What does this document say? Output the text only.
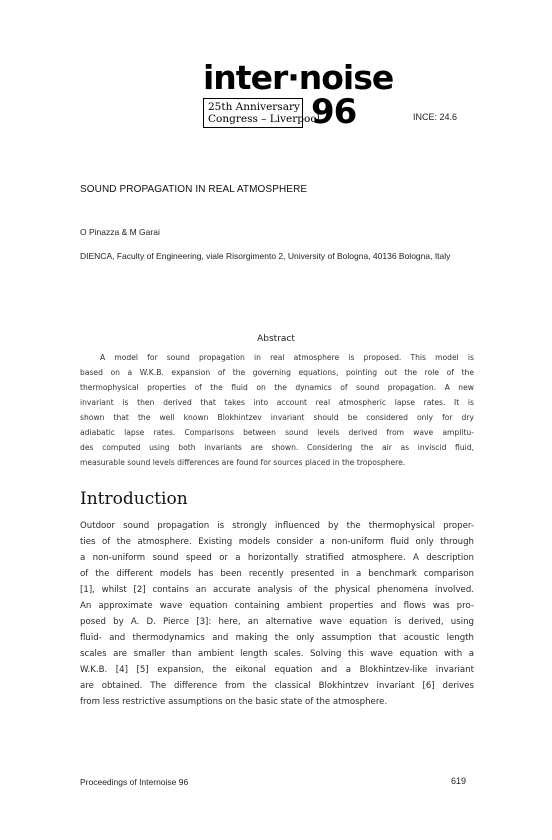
inter·noise
25th Anniversary
Congress – Liverpool
96	INCE: 24.6
SOUND PROPAGATION IN REAL ATMOSPHERE
O Pinazza & M Garai
DIENCA, Faculty of Engineering, viale Risorgimento 2, University of Bologna, 40136 Bologna, Italy
Abstract
A model for sound propagation in real atmosphere is proposed. This model is
based on a W.K.B. expansion of the governing equations, pointing out the role of the
thermophysical properties of the fluid on the dynamics of sound propagation. A new
invariant is then derived that takes into account real atmospheric lapse rates. It is
shown that the well known Blokhintzev invariant should be considered only for dry
adiabatic lapse rates. Comparisons between sound levels derived from wave amplitu-
des computed using both invariants are shown. Considering the air as inviscid fluid,
measurable sound levels differences are found for sources placed in the troposphere.
Introduction
Outdoor sound propagation is strongly influenced by the thermophysical proper-
ties of the atmosphere. Existing models consider a non-uniform fluid only through
a non-uniform sound speed or a horizontally stratified atmosphere. A description
of the different models has been recently presented in a benchmark comparison
[1], whilst [2] contains an accurate analysis of the physical phenomena involved.
An approximate wave equation containing ambient properties and flows was pro-
posed by A. D. Pierce [3]: here, an alternative wave equation is derived, using
fluid- and thermodynamics and making the only assumption that acoustic length
scales are smaller than ambient length scales. Solving this wave equation with a
W.K.B. [4] [5] expansion, the eikonal equation and a Blokhintzev-like invariant
are obtained. The difference from the classical Blokhintzev invariant [6] derives
from less restrictive assumptions on the basic state of the atmosphere.
Proceedings of Internoise 96	619
